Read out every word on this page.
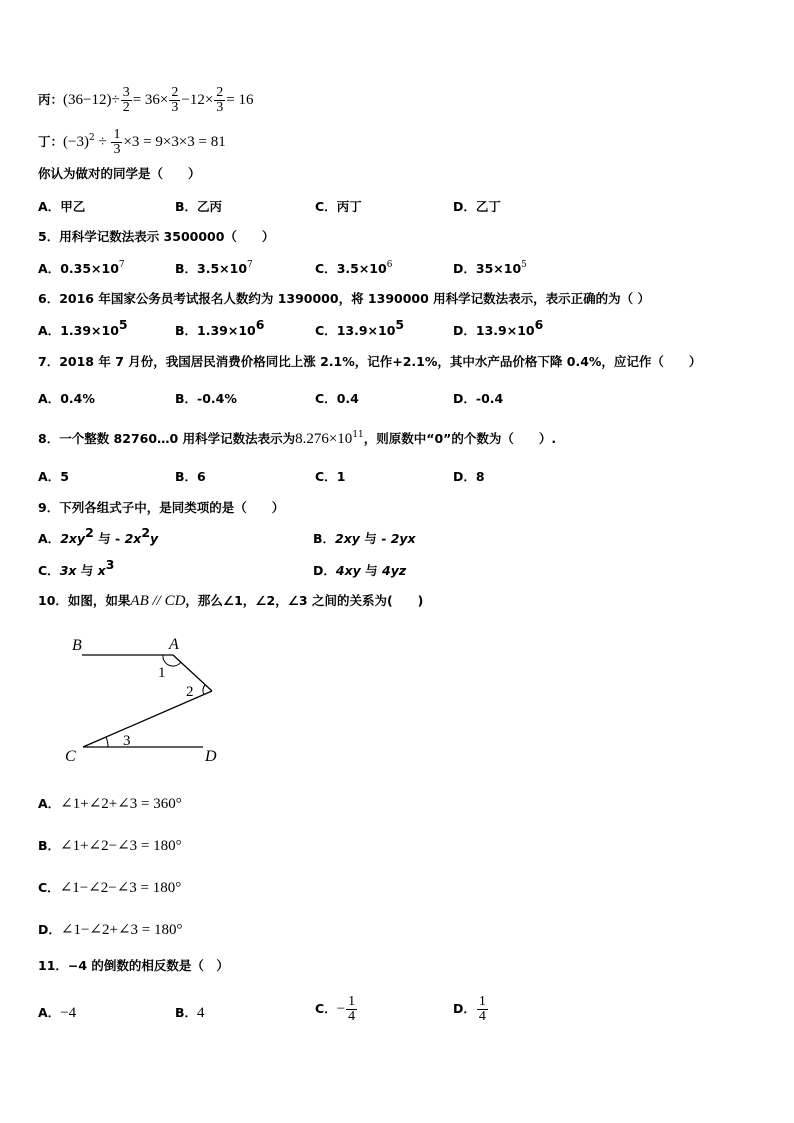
丙：$(36-12)\div \frac{3}{2} = 36\times \frac{2}{3} -12\times \frac{2}{3} = 16$
丁：$(-3)^2 \div \frac{1}{3} \times 3 = 9\times 3\times 3 = 81$
你认为做对的同学是（　　）
A．甲乙	B．乙丙	C．丙丁	D．乙丁
5．用科学记数法表示 3500000（　　）
A．$0.35\times 10^7$	B．$3.5\times 10^7$	C．$3.5\times 10^6$	D．$35\times 10^5$
6．2016 年国家公务员考试报名人数约为 1390000，将 1390000 用科学记数法表示，表示正确的为（ ）
A．$1.39\times 10^5$	B．$1.39\times 10^6$	C．$13.9\times 10^5$	D．$13.9\times 10^6$
7．2018 年 7 月份，我国居民消费价格同比上涨 2.1%，记作+2.1%，其中水产品价格下降 0.4%，应记作（　　）
A．0.4%	B．-0.4%	C．0.4	D．-0.4
8．一个整数 82760…0 用科学记数法表示为$8.276\times 10^{11}$，则原数中“0”的个数为（　　）.
A．5	B．6	C．1	D．8
9．下列各组式子中，是同类项的是（　　）
A．$2xy^2$ 与 - $2x^2y$	B．2xy 与 - 2yx
C．3x 与 $x^3$	D．4xy 与 4yz
10．如图，如果AB // CD，那么∠1，∠2，∠3 之间的关系为(　　)
B	A
C	D
1
2
3
A．∠1+∠2+∠3 = 360°
B．∠1+∠2−∠3 = 180°
C．∠1−∠2−∠3 = 180°
D．∠1−∠2+∠3 = 180°
11．−4 的倒数的相反数是（　）
A．−4	B．4	C．− $\frac{1}{4}$	D． $\frac{1}{4}$
